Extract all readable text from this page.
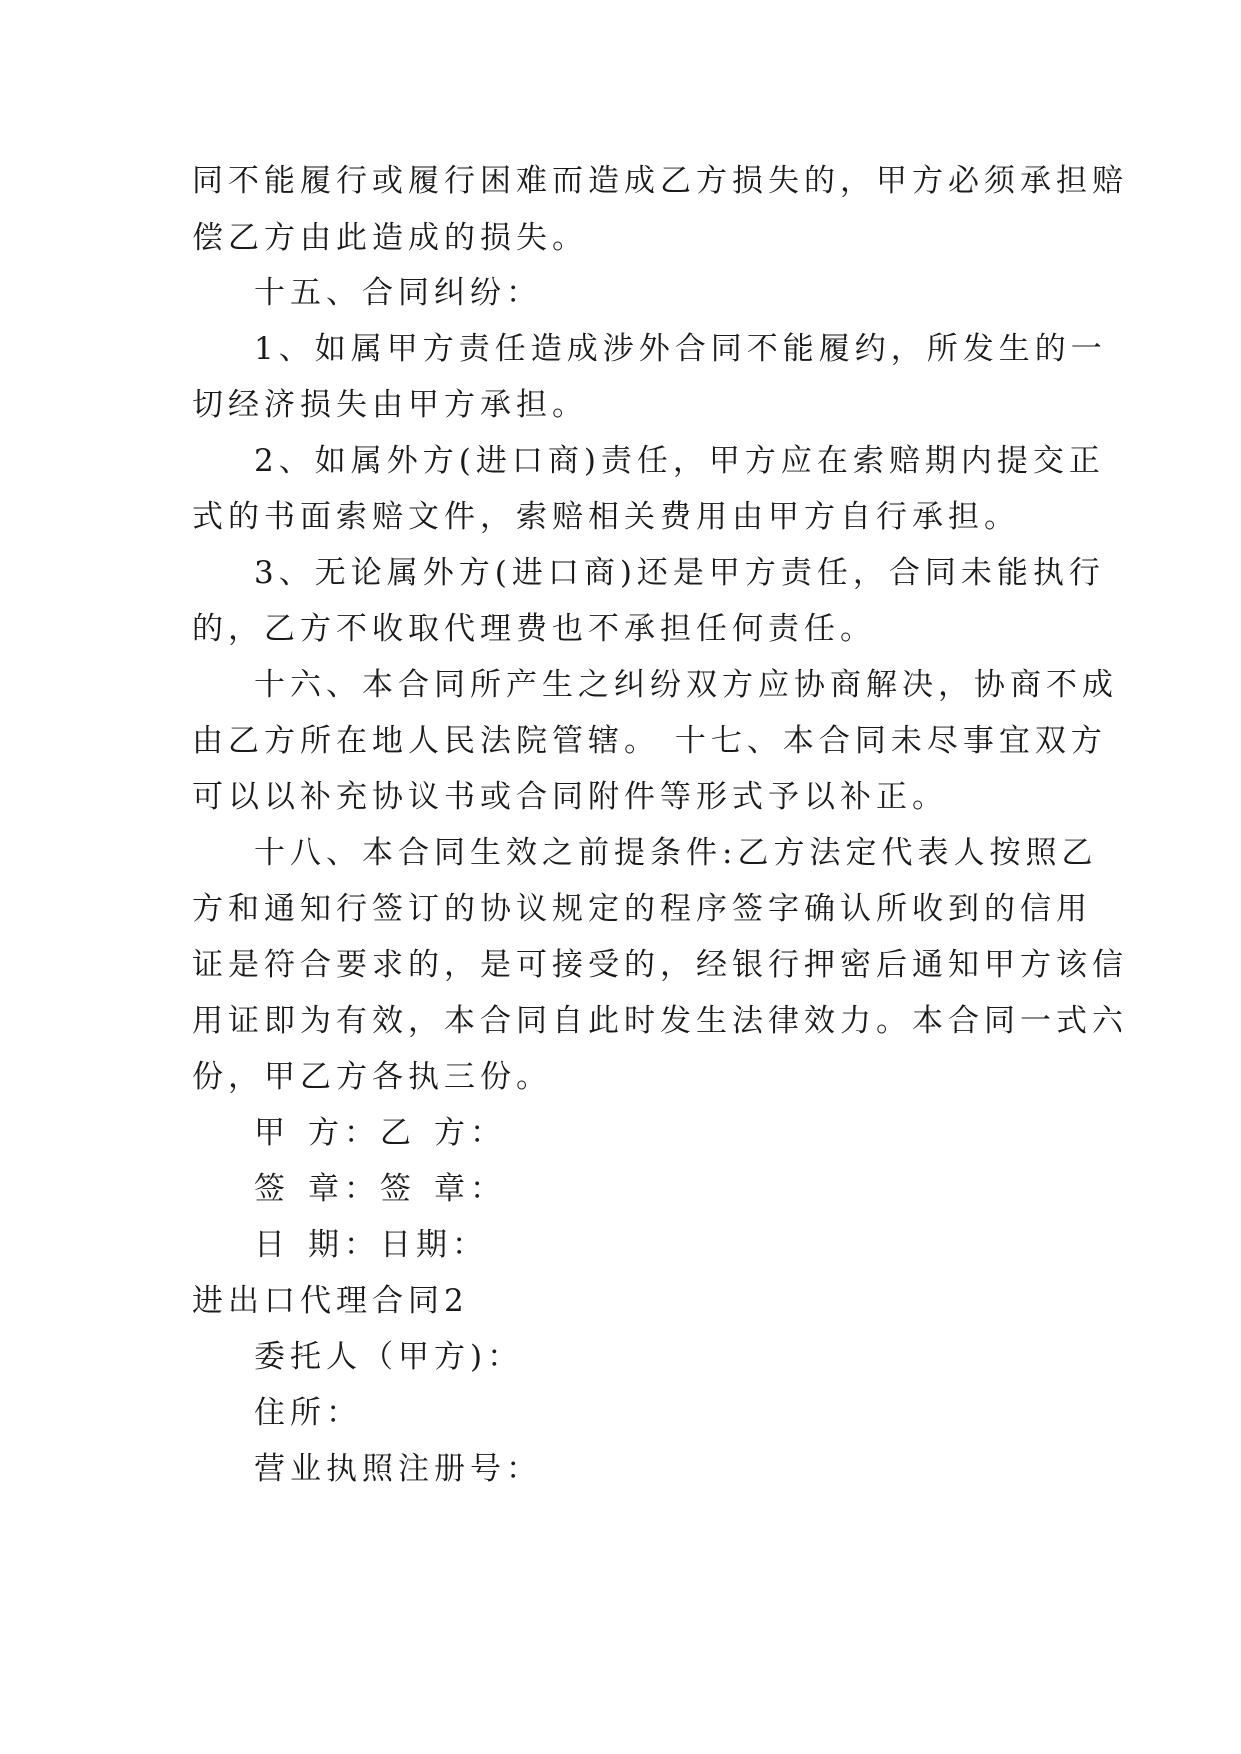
同不能履行或履行困难而造成乙方损失的，甲方必须承担赔
偿乙方由此造成的损失。
十五、合同纠纷：
1、如属甲方责任造成涉外合同不能履约，所发生的一
切经济损失由甲方承担。
2、如属外方(进口商)责任，甲方应在索赔期内提交正
式的书面索赔文件，索赔相关费用由甲方自行承担。
3、无论属外方(进口商)还是甲方责任，合同未能执行
的，乙方不收取代理费也不承担任何责任。
十六、本合同所产生之纠纷双方应协商解决，协商不成
由乙方所在地人民法院管辖。 十七、本合同未尽事宜双方
可以以补充协议书或合同附件等形式予以补正。
十八、本合同生效之前提条件:乙方法定代表人按照乙
方和通知行签订的协议规定的程序签字确认所收到的信用
证是符合要求的，是可接受的，经银行押密后通知甲方该信
用证即为有效，本合同自此时发生法律效力。本合同一式六
份，甲乙方各执三份。
甲 方：乙 方：
签 章：签 章：
日 期：日期：
进出口代理合同2
委托人（甲方)：
住所：
营业执照注册号：
